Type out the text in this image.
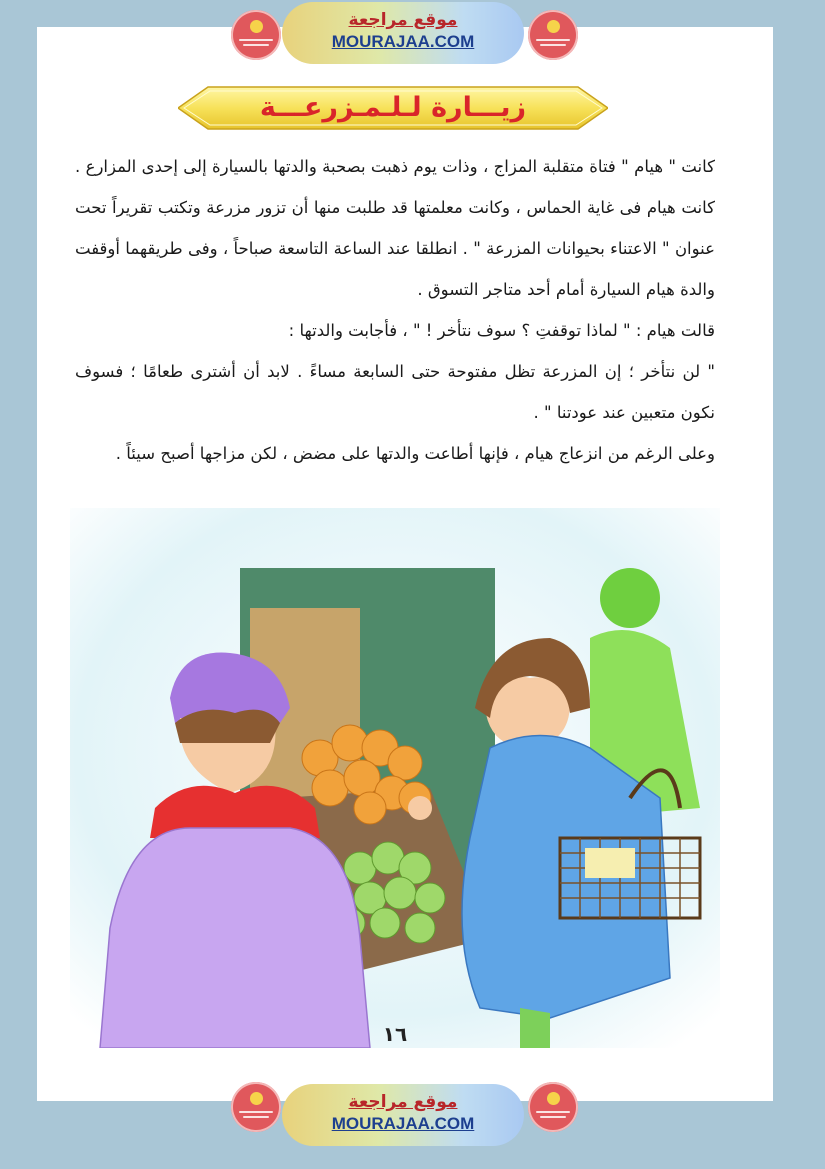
موقع مراجعة
MOURAJAA.COM
زيـــارة لـلـمـزرعـــة

كانت " هيام " فتاة متقلبة المزاج ، وذات يوم ذهبت بصحبة والدتها بالسيارة إلى إحدى المزارع . كانت هيام فى غاية الحماس ، وكانت معلمتها قد طلبت منها أن تزور مزرعة وتكتب تقريراً تحت عنوان " الاعتناء بحيوانات المزرعة " . انطلقا عند الساعة التاسعة صباحاً ، وفى طريقهما أوقفت والدة هيام السيارة أمام أحد متاجر التسوق .

قالت هيام : " لماذا توقفتِ ؟ سوف نتأخر ! " ، فأجابت والدتها :

" لن نتأخر ؛ إن المزرعة تظل مفتوحة حتى السابعة مساءً . لابد أن أشترى طعامًا ؛ فسوف نكون متعبين عند عودتنا " .

وعلى الرغم من انزعاج هيام ، فإنها أطاعت والدتها على مضض ، لكن مزاجها أصبح سيئاً .

١٦
موقع مراجعة
MOURAJAA.COM
